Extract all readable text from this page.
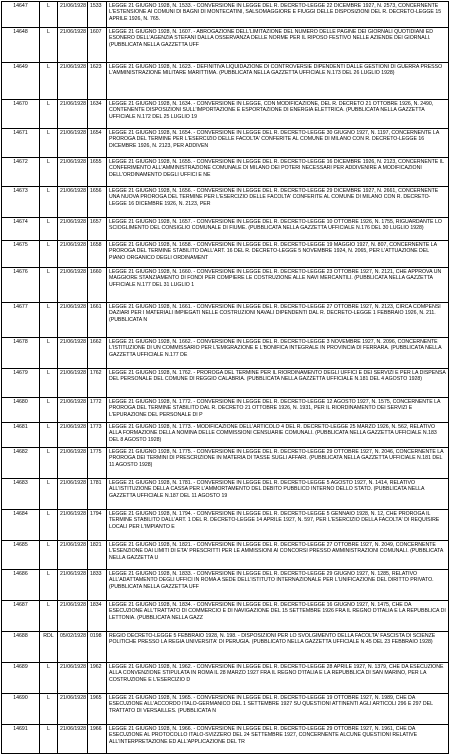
14647	L	21/06/1928	1533	LEGGE 21 GIUGNO 1928, N. 1533. - CONVERSIONE IN LEGGE DEL R. DECRETO-LEGGE 22 DICEMBRE 1927, N. 2573, CONCERNENTE L'ESTENSIONE AI COMUNI DI BAGNI DI MONTECATINI, SALSOMAGGIORE E FIUGGI DELLE DISPOSIZIONI DEL R. DECRETO-LEGGE 15 APRILE 1926, N. 765.
14648	L	21/06/1928	1607	LEGGE 21 GIUGNO 1928, N. 1607. - ABROGAZIONE DELL'LIMITAZIONE DEL NUMERO DELLE PAGINE DEI GIORNALI QUOTIDIANI ED ESONERO DELL'AGENZIA STEFANI DALLA OSSERVANZA DELLE NORME PER IL RIPOSO FESTIVO NELLE AZIENDE DEI GIORNALI. (PUBBLICATA NELLA GAZZETTA UFF
14649	L	21/06/1928	1623	LEGGE 21 GIUGNO 1928, N. 1623. - DEFINITIVA LIQUIDAZIONE DI CONTROVERSIE DIPENDENTI DALLE GESTIONI DI GUERRA PRESSO L'AMMINISTRAZIONE MILITARE MARITTIMA. (PUBBLICATA NELLA GAZZETTA UFFICIALE N.173 DEL 26 LUGLIO 1928)
14670	L	21/06/1928	1634	LEGGE 21 GIUGNO 1928, N. 1634. - CONVERSIONE IN LEGGE, CON MODIFICAZIONE, DEL R. DECRETO 21 OTTOBRE 1926, N. 2490, CONTENENTE DISPOSIZIONI SULL'IMPORTAZIONE E ESPORTAZIONE DI ENERGIA ELETTRICA. (PUBBLICATA NELLA GAZZETTA UFFICIALE N.172 DEL 25 LUGLIO 19
14671	L	21/06/1928	1654	LEGGE 21 GIUGNO 1928, N. 1654. - CONVERSIONE IN LEGGE DEL R. DECRETO-LEGGE 30 GIUGNO 1927, N. 1197, CONCERNENTE LA PROROGA DEL TERMINE PER L'ESERCIZIO DELLE FACOLTA' CONFERITE AL COMUNE DI MILANO CON R. DECRETO-LEGGE 16 DICEMBRE 1926, N. 2123, PER ADDIVEN
14672	L	21/06/1928	1655	LEGGE 21 GIUGNO 1928, N. 1655. - CONVERSIONE IN LEGGE DEL R. DECRETO-LEGGE 16 DICEMBRE 1926, N. 2123, CONCERNENTE IL CONFERIMENTO ALL'AMMINISTRAZIONE COMUNALE DI MILANO DEI POTERI NECESSARI PER ADDIVENIRE A MODIFICAZIONI DELL'ORDINAMENTO DEGLI UFFICI E NE
14673	L	21/06/1928	1656	LEGGE 21 GIUGNO 1928, N. 1656. - CONVERSIONE IN LEGGE DEL R. DECRETO-LEGGE 29 DICEMBRE 1927, N. 2661, CONCERNENTE UNA NUOVA PROROGA DEL TERMINE PER L'ESERCIZIO DELLE FACOLTA' CONFERITE AL COMUNE DI MILANO CON R. DECRETO-LEGGE 16 DICEMBRE 1926, N. 2123, PER
14674	L	21/06/1928	1657	LEGGE 21 GIUGNO 1928, N. 1657. - CONVERSIONE IN LEGGE DEL R. DECRETO-LEGGE 10 OTTOBRE 1926, N. 1755, RIGUARDANTE LO SCIOGLIMENTO DEL CONSIGLIO COMUNALE DI FIUME. (PUBBLICATA NELLA GAZZETTA UFFICIALE N.176 DEL 30 LUGLIO 1928)
14675	L	21/06/1928	1658	LEGGE 21 GIUGNO 1928, N. 1658. - CONVERSIONE IN LEGGE DEL R. DECRETO-LEGGE 19 MAGGIO 1927, N. 807, CONCERNENTE LA PROROGA DEL TERMINE STABILITO DALL'ART. 16 DEL R. DECRETO-LEGGE 5 NOVEMBRE 1924, N. 2065, PER L'ATTUAZIONE DEL PIANO ORGANICO DEGLI ORDINAMENT
14676	L	21/06/1928	1660	LEGGE 21 GIUGNO 1928, N. 1660. - CONVERSIONE IN LEGGE DEL R. DECRETO-LEGGE 23 OTTOBRE 1927, N. 2121, CHE APPROVA UN MAGGIORE STANZIAMENTO DI FONDI PER COMPIERE LE COSTRUZIONE ALLE NAVI MERCANTILI. (PUBBLICATA NELLA GAZZETTA UFFICIALE N.177 DEL 31 LUGLIO 1
14677	L	21/06/1928	1661	LEGGE 21 GIUGNO 1928, N. 1661. - CONVERSIONE IN LEGGE DEL R. DECRETO-LEGGE 27 OTTOBRE 1927, N. 2123, CIRCA COMPENSI DAZIARI PER I MATERIALI IMPIEGATI NELLE COSTRUZIONI NAVALI DIPENDENTI DAL R. DECRETO-LEGGE 1 FEBBRAIO 1926, N. 211. (PUBBLICATA N
14678	L	21/06/1928	1662	LEGGE 21 GIUGNO 1928, N. 1662. - CONVERSIONE IN LEGGE DEL R. DECRETO-LEGGE 3 NOVEMBRE 1927, N. 2096, CONCERNENTE L'ISTITUZIONE DI UN COMMISSARIO PER L'EMIGRAZIONE E L'BONIFICA INTEGRALE IN PROVINCIA DI FERRARA. (PUBBLICATA NELLA GAZZETTA UFFICIALE N.177 DE
14679	L	21/06/1928	1762	LEGGE 21 GIUGNO 1928, N. 1762. - PROROGA DEL TERMINE PER IL RIORDINAMENTO DEGLI UFFICI E DEI SERVIZI E PER LA DISPENSA DEL PERSONALE DEL COMUNE DI REGGIO CALABRIA. (PUBBLICATA NELLA GAZZETTA UFFICIALE N.181 DEL 4 AGOSTO 1928)
14680	L	21/06/1928	1772	LEGGE 21 GIUGNO 1928, N. 1772. - CONVERSIONE IN LEGGE DEL R. DECRETO-LEGGE 12 AGOSTO 1927, N. 1575, CONCERNENTE LA PROROGA DEL TERMINE STABILITO DAL R. DECRETO 21 OTTOBRE 1926, N. 1931, PER IL RIORDINAMENTO DEI SERVIZI E L'EPURAZIONE DEL PERSONALE DI P
14681	L	21/06/1928	1773	LEGGE 21 GIUGNO 1928, N. 1773. - MODIFICAZIONE DELL'ARTICOLO 4 DEL R. DECRETO-LEGGE 25 MARZO 1926, N. 562, RELATIVO ALLA FORMAZIONE DELLA NOMINA DELLE COMMISSIONI CENSUARIE COMUNALI. (PUBBLICATA NELLA GAZZETTA UFFICIALE N.183 DEL 8 AGOSTO 1928)
14682	L	21/06/1928	1775	LEGGE 21 GIUGNO 1928, N. 1775. - CONVERSIONE IN LEGGE DEL R. DECRETO-LEGGE 29 OTTOBRE 1927, N. 2046, CONCERNENTE LA PROROGA DEI TERMINI DI PRESCRIZIONE IN MATERIA DI TASSE SUGLI AFFARI. (PUBBLICATA NELLA GAZZETTA UFFICIALE N.181 DEL 11 AGOSTO 1928)
14683	L	21/06/1928	1781	LEGGE 21 GIUGNO 1928, N. 1781. - CONVERSIONE IN LEGGE DEL R. DECRETO-LEGGE 5 AGOSTO 1927, N. 1414, RELATIVO ALL'ISTITUZIONE DELLA CASSA PER L'AMMORTAMENTO DEL DEBITO PUBBLICO INTERNO DELLO STATO. (PUBBLICATA NELLA GAZZETTA UFFICIALE N.187 DEL 11 AGOSTO 19
14684	L	21/06/1928	1794	LEGGE 21 GIUGNO 1928, N. 1794. - CONVERSIONE IN LEGGE DEL R. DECRETO-LEGGE 5 GENNAIO 1928, N. 12, CHE PROROGA IL TERMINE STABILITO DALL'ART. 1 DEL R. DECRETO-LEGGE 14 APRILE 1927, N. 597, PER L'ESERCIZIO DELLA FACOLTA' DI REQUISIRE LOCALI PER L'IMPIANTO E
14685	L	21/06/1928	1821	LEGGE 21 GIUGNO 1928, N. 1821. - CONVERSIONE IN LEGGE DEL R. DECRETO-LEGGE 27 OTTOBRE 1927, N. 2049, CONCERNENTE L'ESENZIONE DAI LIMITI DI ETA' PRESCRITTI PER LE AMMISSIONI AI CONCORSI PRESSO AMMINISTRAZIONI COMUNALI. (PUBBLICATA NELLA GAZZETTA U
14686	L	21/06/1928	1833	LEGGE 21 GIUGNO 1928, N. 1833. - CONVERSIONE IN LEGGE DEL R. DECRETO-LEGGE 29 GIUGNO 1927, N. 1285, RELATIVO ALL'ADATTAMENTO DEGLI UFFICI IN ROMA A SEDE DELL'ISTITUTO INTERNAZIONALE PER L'UNIFICAZIONE DEL DIRITTO PRIVATO. (PUBBLICATA NELLA GAZZETTA UFF
14687	L	21/06/1928	1834	LEGGE 21 GIUGNO 1928, N. 1834. - CONVERSIONE IN LEGGE DEL R. DECRETO-LEGGE 16 GIUGNO 1927, N. 1475, CHE DA ESECUZIONE ALL'TRATTATO DI COMMERCIO E DI NAVIGAZIONE DEL 15 SETTEMBRE 1926 FRA IL REGNO D'ITALIA E LA REPUBBLICA DI LETTONIA. (PUBBLICATA NELLA GAZZ
14688	RDL	05/02/1928	0198	REGIO DECRETO-LEGGE 5 FEBBRAIO 1928, N. 198. - DISPOSIZIONI PER LO SVOLGIMENTO DELLA FACOLTA' FASCISTA DI SCIENZE POLITICHE PRESSO LA REGIA UNIVERSITA' DI PERUGIA. (PUBBLICATO NELLA GAZZETTA UFFICIALE N.45 DEL 23 FEBBRAIO 1928)
14689	L	21/06/1928	1962	LEGGE 21 GIUGNO 1928, N. 1962. - CONVERSIONE IN LEGGE DEL R. DECRETO-LEGGE 28 APRILE 1927, N. 1379, CHE DA ESECUZIONE ALLA CONVENZIONE STIPULATA IN ROMA IL 28 MARZO 1927 FRA IL REGNO D'ITALIA E LA REPUBBLICA DI SAN MARINO, PER LA COSTRUZIONE E L'ESERCIZIO D
14690	L	21/06/1928	1965	LEGGE 21 GIUGNO 1928, N. 1965. - CONVERSIONE IN LEGGE DEL R. DECRETO-LEGGE 19 OTTOBRE 1927, N. 1989, CHE DA ESECUZIONE ALL'ACCORDO ITALO-GERMANICO DEL 1 SETTEMBRE 1927 SU QUESTIONI ATTINENTI AGLI ARTICOLI 296 E 297 DEL TRATTATO DI VERSAILLES. (PUBBLICATA N
14691	L	21/06/1928	1966	LEGGE 21 GIUGNO 1928, N. 1966. - CONVERSIONE IN LEGGE DEL R. DECRETO-LEGGE 29 OTTOBRE 1927, N. 1961, CHE DA ESECUZIONE AL PROTOCOLLO ITALO-SVIZZERO DEL 24 SETTEMBRE 1927, CONCERNENTE ALCUNE QUESTIONI RELATIVE ALL'INTERPRETAZIONE ED ALL'APPLICAZIONE DEL TR
